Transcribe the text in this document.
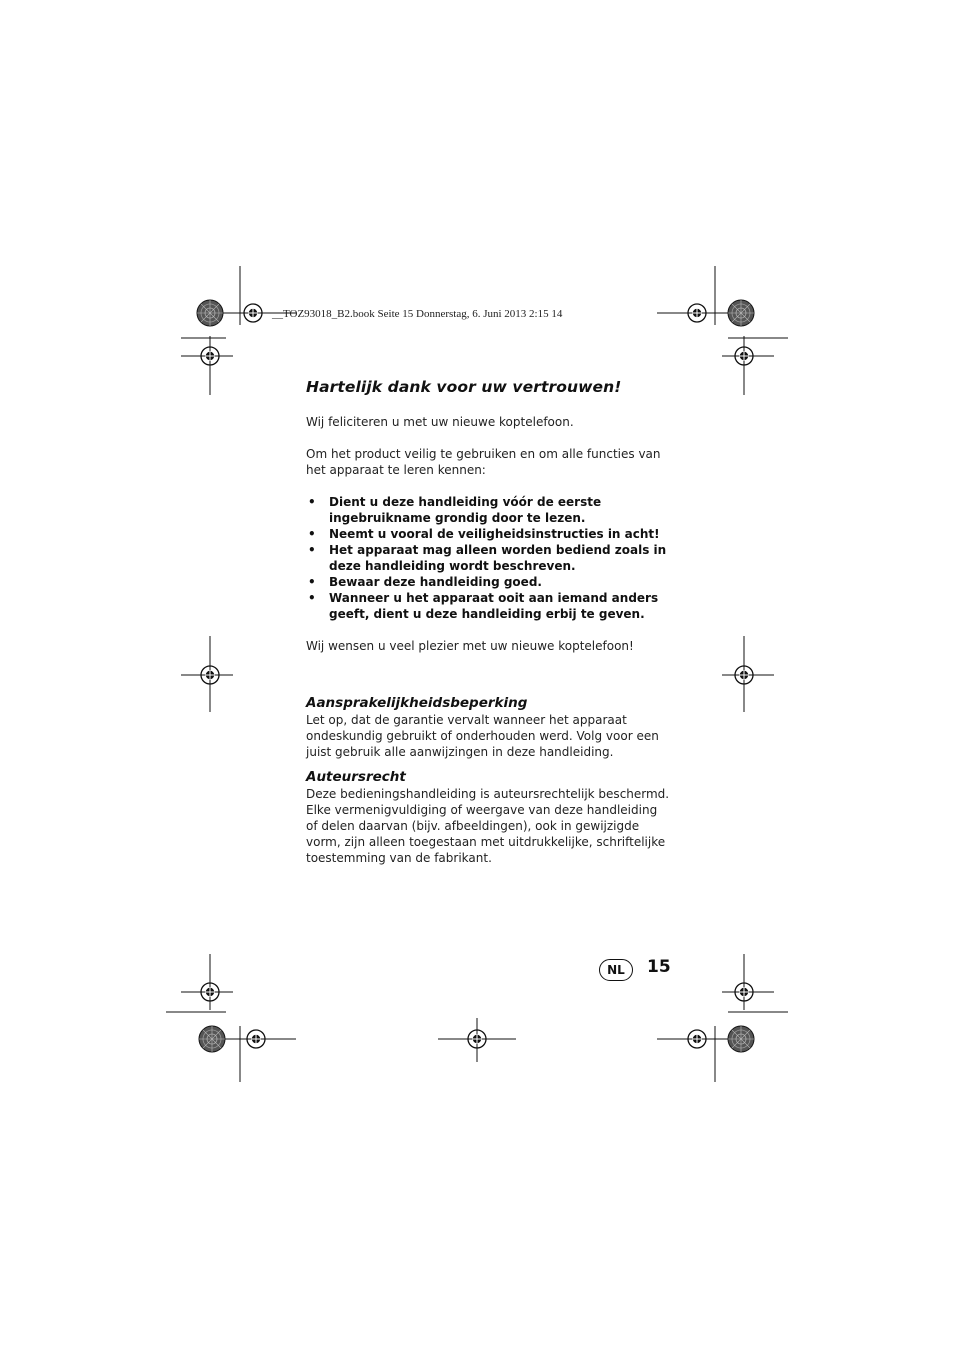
__TOZ93018_B2.book Seite 15 Donnerstag, 6. Juni 2013 2:15 14
Hartelijk dank voor uw vertrouwen!

Wij feliciteren u met uw nieuwe koptelefoon.

Om het product veilig te gebruiken en om alle functies van het apparaat te leren kennen:

• Dient u deze handleiding vóór de eerste ingebruikname grondig door te lezen.
• Neemt u vooral de veiligheidsinstructies in acht!
• Het apparaat mag alleen worden bediend zoals in deze handleiding wordt beschreven.
• Bewaar deze handleiding goed.
• Wanneer u het apparaat ooit aan iemand anders geeft, dient u deze handleiding erbij te geven.

Wij wensen u veel plezier met uw nieuwe koptelefoon!

Aansprakelijkheidsbeperking

Let op, dat de garantie vervalt wanneer het apparaat ondeskundig gebruikt of onderhouden werd. Volg voor een juist gebruik alle aanwijzingen in deze handleiding.

Auteursrecht

Deze bedieningshandleiding is auteursrechtelijk beschermd. Elke vermenigvuldiging of weergave van deze handleiding of delen daarvan (bijv. afbeeldingen), ook in gewijzigde vorm, zijn alleen toegestaan met uitdrukkelijke, schriftelijke toestemming van de fabrikant.

NL	15
